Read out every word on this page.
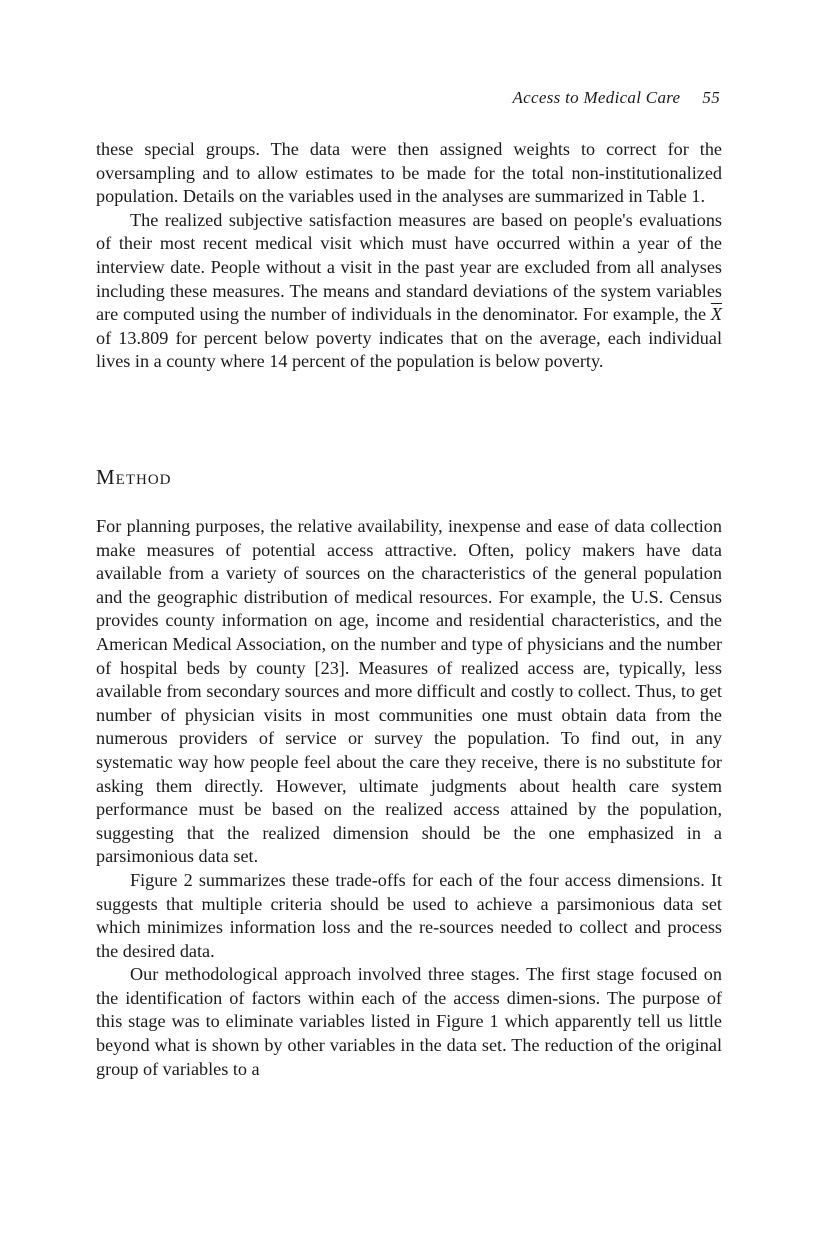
Access to Medical Care 55

these special groups. The data were then assigned weights to correct for the oversampling and to allow estimates to be made for the total non-institutionalized population. Details on the variables used in the analyses are summarized in Table 1.

The realized subjective satisfaction measures are based on people's evaluations of their most recent medical visit which must have occurred within a year of the interview date. People without a visit in the past year are excluded from all analyses including these measures. The means and standard deviations of the system variables are computed using the number of individuals in the denominator. For example, the $\overline{X}$ of 13.809 for percent below poverty indicates that on the average, each individual lives in a county where 14 percent of the population is below poverty.

Method

For planning purposes, the relative availability, inexpense and ease of data collection make measures of potential access attractive. Often, policy makers have data available from a variety of sources on the characteristics of the general population and the geographic distribution of medical resources. For example, the U.S. Census provides county information on age, income and residential characteristics, and the American Medical Association, on the number and type of physicians and the number of hospital beds by county [23]. Measures of realized access are, typically, less available from secondary sources and more difficult and costly to collect. Thus, to get number of physician visits in most communities one must obtain data from the numerous providers of service or survey the population. To find out, in any systematic way how people feel about the care they receive, there is no substitute for asking them directly. However, ultimate judgments about health care system performance must be based on the realized access attained by the population, suggesting that the realized dimension should be the one emphasized in a parsimonious data set.

Figure 2 summarizes these trade-offs for each of the four access dimensions. It suggests that multiple criteria should be used to achieve a parsimonious data set which minimizes information loss and the re-sources needed to collect and process the desired data.

Our methodological approach involved three stages. The first stage focused on the identification of factors within each of the access dimen-sions. The purpose of this stage was to eliminate variables listed in Figure 1 which apparently tell us little beyond what is shown by other variables in the data set. The reduction of the original group of variables to a
